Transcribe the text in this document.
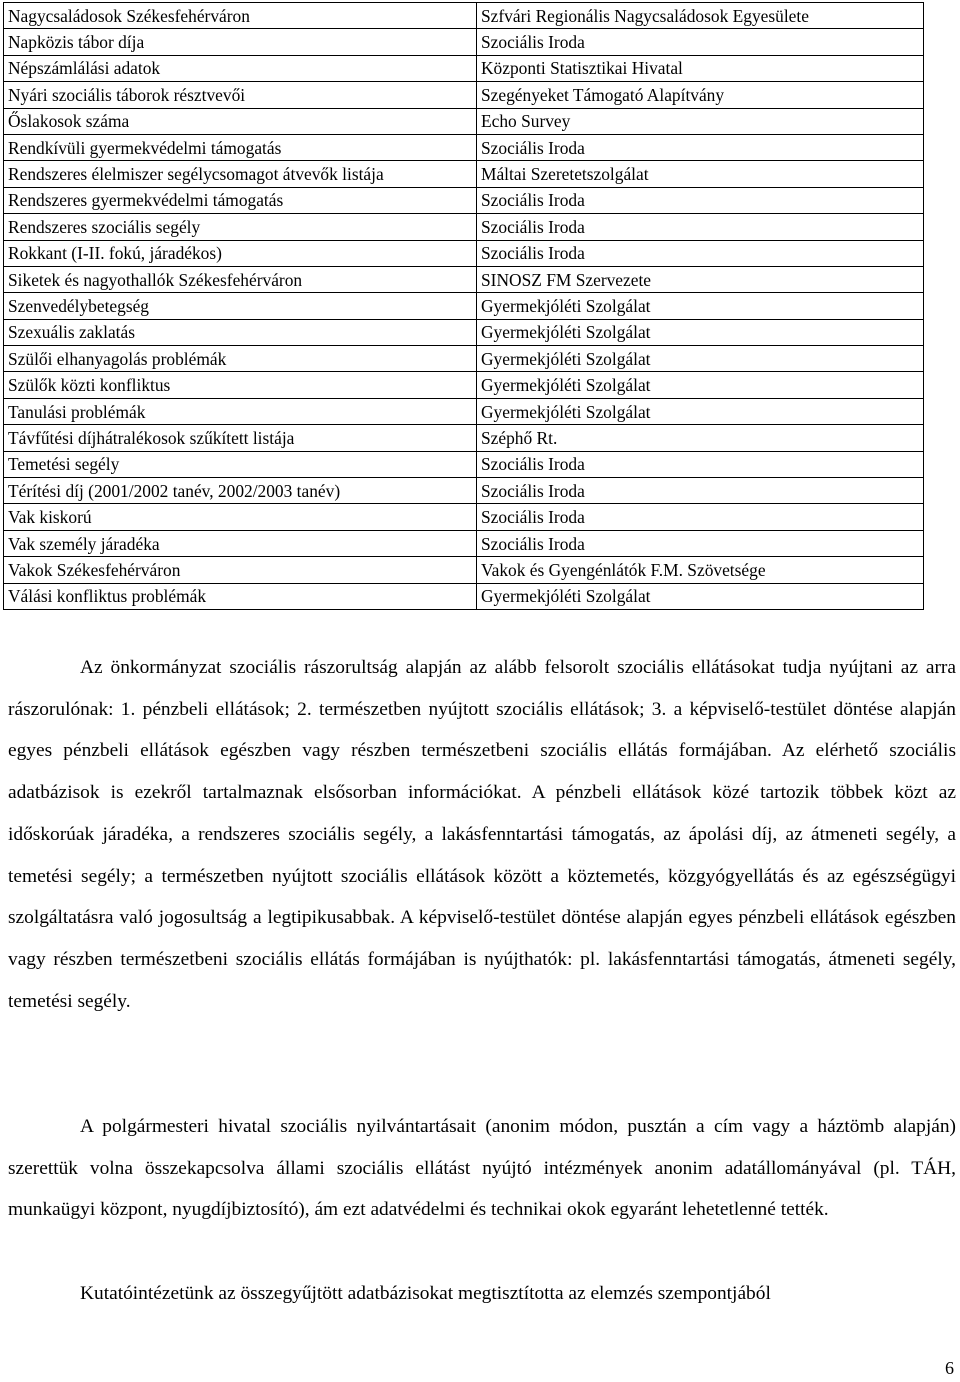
Nagycsaládosok Székesfehérváron	Szfvári Regionális Nagycsaládosok Egyesülete
Napközis tábor díja	Szociális Iroda
Népszámlálási adatok	Központi Statisztikai Hivatal
Nyári szociális táborok résztvevői	Szegényeket Támogató Alapítvány
Őslakosok száma	Echo Survey
Rendkívüli gyermekvédelmi támogatás	Szociális Iroda
Rendszeres élelmiszer segélycsomagot átvevők listája	Máltai Szeretetszolgálat
Rendszeres gyermekvédelmi támogatás	Szociális Iroda
Rendszeres szociális segély	Szociális Iroda
Rokkant (I-II. fokú, járadékos)	Szociális Iroda
Siketek és nagyothallók Székesfehérváron	SINOSZ FM Szervezete
Szenvedélybetegség	Gyermekjóléti Szolgálat
Szexuális zaklatás	Gyermekjóléti Szolgálat
Szülői elhanyagolás problémák	Gyermekjóléti Szolgálat
Szülők közti konfliktus	Gyermekjóléti Szolgálat
Tanulási problémák	Gyermekjóléti Szolgálat
Távfűtési díjhátralékosok szűkített listája	Széphő Rt.
Temetési segély	Szociális Iroda
Térítési díj (2001/2002 tanév, 2002/2003 tanév)	Szociális Iroda
Vak kiskorú	Szociális Iroda
Vak személy járadéka	Szociális Iroda
Vakok Székesfehérváron	Vakok és Gyengénlátók F.M. Szövetsége
Válási konfliktus problémák	Gyermekjóléti Szolgálat

Az önkormányzat szociális rászorultság alapján az alább felsorolt szociális ellátásokat tudja nyújtani az arra rászorulónak: 1. pénzbeli ellátások; 2. természetben nyújtott szociális ellátások; 3. a képviselő-testület döntése alapján egyes pénzbeli ellátások egészben vagy részben természetbeni szociális ellátás formájában. Az elérhető szociális adatbázisok is ezekről tartalmaznak elsősorban információkat. A pénzbeli ellátások közé tartozik többek közt az időskorúak járadéka, a rendszeres szociális segély, a lakásfenntartási támogatás, az ápolási díj, az átmeneti segély, a temetési segély; a természetben nyújtott szociális ellátások között a köztemetés, közgyógyellátás és az egészségügyi szolgáltatásra való jogosultság a legtipikusabbak. A képviselő-testület döntése alapján egyes pénzbeli ellátások egészben vagy részben természetbeni szociális ellátás formájában is nyújthatók: pl. lakásfenntartási támogatás, átmeneti segély, temetési segély.

A polgármesteri hivatal szociális nyilvántartásait (anonim módon, pusztán a cím vagy a háztömb alapján) szerettük volna összekapcsolva állami szociális ellátást nyújtó intézmények anonim adatállományával (pl. TÁH, munkaügyi központ, nyugdíjbiztosító), ám ezt adatvédelmi és technikai okok egyaránt lehetetlenné tették.

Kutatóintézetünk az összegyűjtött adatbázisokat megtisztította az elemzés szempontjából

6
